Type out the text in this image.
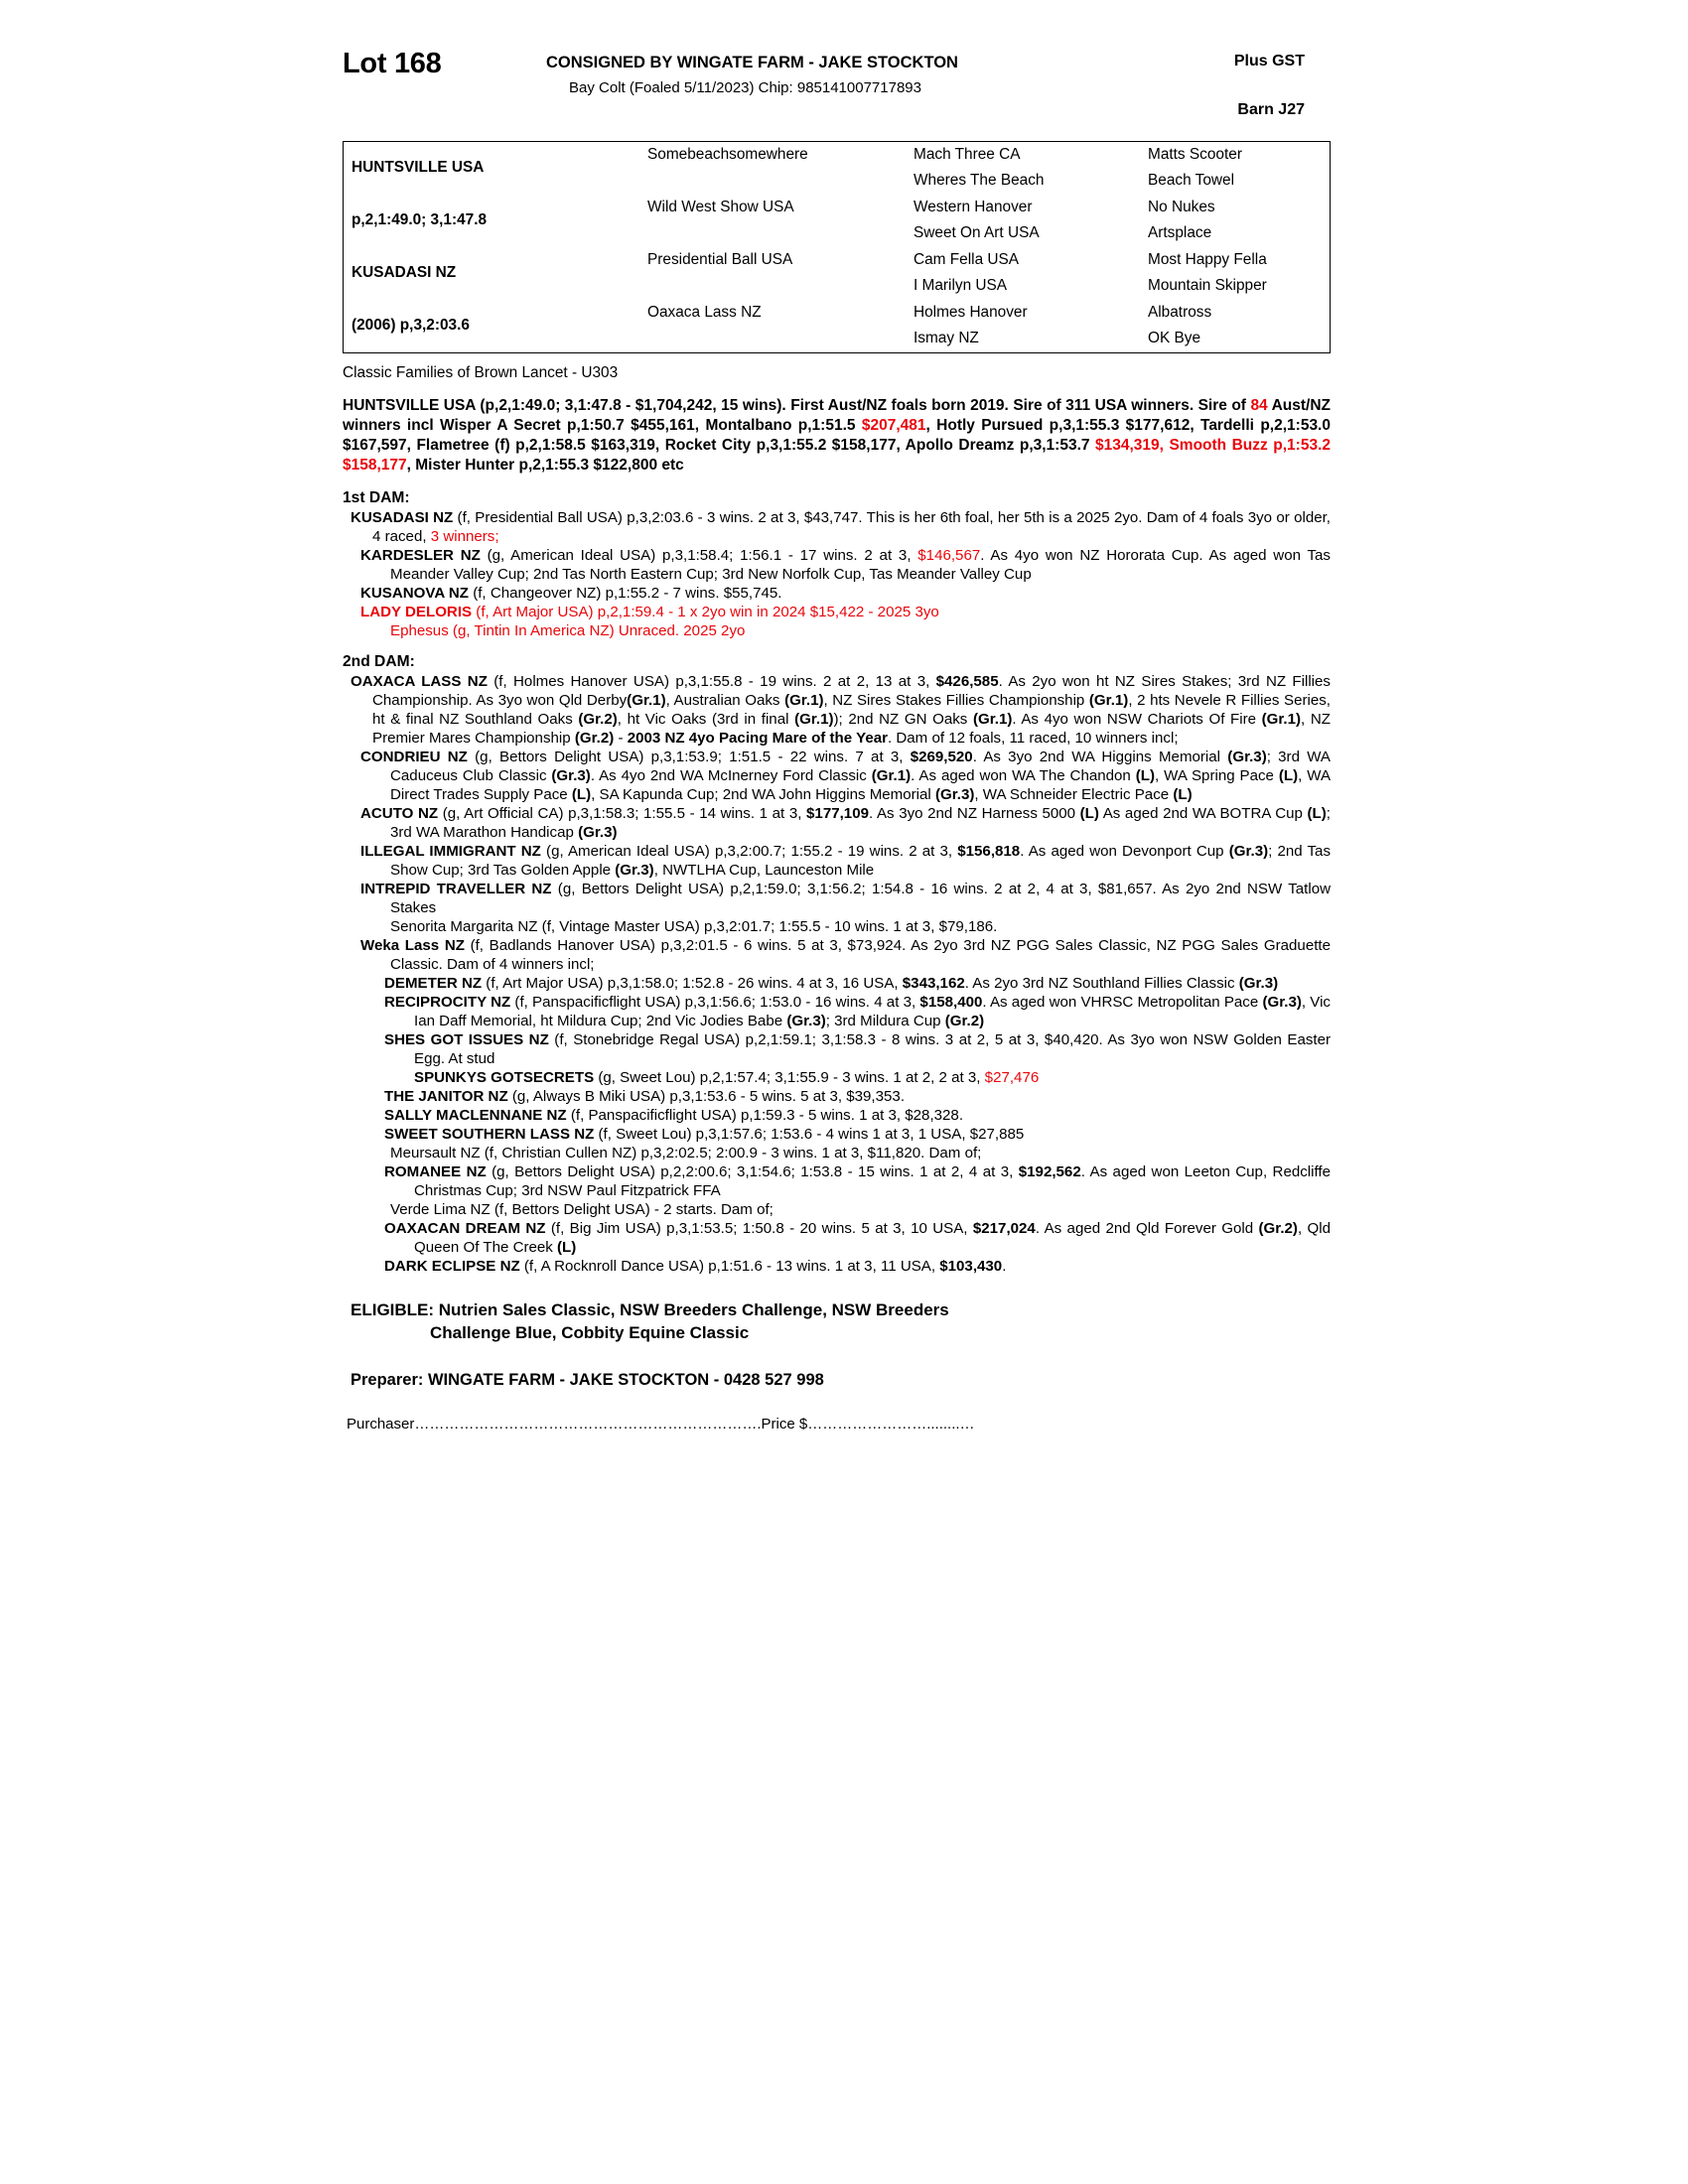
Lot 168	CONSIGNED BY WINGATE FARM - JAKE STOCKTON
Bay Colt (Foaled 5/11/2023) Chip: 985141007717893
Plus GST
Barn J27
HUNTSVILLE USA	Somebeachsomewhere	Mach Three CA	Matts Scooter
		Wheres The Beach	Beach Towel
p,2,1:49.0; 3,1:47.8	Wild West Show USA	Western Hanover	No Nukes
		Sweet On Art USA	Artsplace
KUSADASI NZ	Presidential Ball USA	Cam Fella USA	Most Happy Fella
		I Marilyn USA	Mountain Skipper
(2006) p,3,2:03.6	Oaxaca Lass NZ	Holmes Hanover	Albatross
		Ismay NZ	OK Bye
Classic Families of Brown Lancet - U303
HUNTSVILLE USA (p,2,1:49.0; 3,1:47.8 - $1,704,242, 15 wins). First Aust/NZ foals born 2019. Sire of 311 USA winners. Sire of 84 Aust/NZ winners incl Wisper A Secret p,1:50.7 $455,161, Montalbano p,1:51.5 $207,481, Hotly Pursued p,3,1:55.3 $177,612, Tardelli p,2,1:53.0 $167,597, Flametree (f) p,2,1:58.5 $163,319, Rocket City p,3,1:55.2 $158,177, Apollo Dreamz p,3,1:53.7 $134,319, Smooth Buzz p,1:53.2 $158,177, Mister Hunter p,2,1:55.3 $122,800 etc
1st DAM:

KUSADASI NZ (f, Presidential Ball USA) p,3,2:03.6 - 3 wins. 2 at 3, $43,747. This is her 6th foal, her 5th is a 2025 2yo. Dam of 4 foals 3yo or older, 4 raced, 3 winners;

KARDESLER NZ (g, American Ideal USA) p,3,1:58.4; 1:56.1 - 17 wins. 2 at 3, $146,567. As 4yo won NZ Hororata Cup. As aged won Tas Meander Valley Cup; 2nd Tas North Eastern Cup; 3rd New Norfolk Cup, Tas Meander Valley Cup

KUSANOVA NZ (f, Changeover NZ) p,1:55.2 - 7 wins. $55,745.

LADY DELORIS (f, Art Major USA) p,2,1:59.4 - 1 x 2yo win in 2024 $15,422 - 2025 3yo

Ephesus (g, Tintin In America NZ) Unraced. 2025 2yo

2nd DAM:

OAXACA LASS NZ (f, Holmes Hanover USA) p,3,1:55.8 - 19 wins. 2 at 2, 13 at 3, $426,585. As 2yo won ht NZ Sires Stakes; 3rd NZ Fillies Championship. As 3yo won Qld Derby(Gr.1), Australian Oaks (Gr.1), NZ Sires Stakes Fillies Championship (Gr.1), 2 hts Nevele R Fillies Series, ht & final NZ Southland Oaks (Gr.2), ht Vic Oaks (3rd in final (Gr.1)); 2nd NZ GN Oaks (Gr.1). As 4yo won NSW Chariots Of Fire (Gr.1), NZ Premier Mares Championship (Gr.2) - 2003 NZ 4yo Pacing Mare of the Year. Dam of 12 foals, 11 raced, 10 winners incl;

CONDRIEU NZ (g, Bettors Delight USA) p,3,1:53.9; 1:51.5 - 22 wins. 7 at 3, $269,520. As 3yo 2nd WA Higgins Memorial (Gr.3); 3rd WA Caduceus Club Classic (Gr.3). As 4yo 2nd WA McInerney Ford Classic (Gr.1). As aged won WA The Chandon (L), WA Spring Pace (L), WA Direct Trades Supply Pace (L), SA Kapunda Cup; 2nd WA John Higgins Memorial (Gr.3), WA Schneider Electric Pace (L)

ACUTO NZ (g, Art Official CA) p,3,1:58.3; 1:55.5 - 14 wins. 1 at 3, $177,109. As 3yo 2nd NZ Harness 5000 (L) As aged 2nd WA BOTRA Cup (L); 3rd WA Marathon Handicap (Gr.3)

ILLEGAL IMMIGRANT NZ (g, American Ideal USA) p,3,2:00.7; 1:55.2 - 19 wins. 2 at 3, $156,818. As aged won Devonport Cup (Gr.3); 2nd Tas Show Cup; 3rd Tas Golden Apple (Gr.3), NWTLHA Cup, Launceston Mile

INTREPID TRAVELLER NZ (g, Bettors Delight USA) p,2,1:59.0; 3,1:56.2; 1:54.8 - 16 wins. 2 at 2, 4 at 3, $81,657. As 2yo 2nd NSW Tatlow Stakes

Senorita Margarita NZ (f, Vintage Master USA) p,3,2:01.7; 1:55.5 - 10 wins. 1 at 3, $79,186.

Weka Lass NZ (f, Badlands Hanover USA) p,3,2:01.5 - 6 wins. 5 at 3, $73,924. As 2yo 3rd NZ PGG Sales Classic, NZ PGG Sales Graduette Classic. Dam of 4 winners incl;

DEMETER NZ (f, Art Major USA) p,3,1:58.0; 1:52.8 - 26 wins. 4 at 3, 16 USA, $343,162. As 2yo 3rd NZ Southland Fillies Classic (Gr.3)

RECIPROCITY NZ (f, Panspacificflight USA) p,3,1:56.6; 1:53.0 - 16 wins. 4 at 3, $158,400. As aged won VHRSC Metropolitan Pace (Gr.3), Vic Ian Daff Memorial, ht Mildura Cup; 2nd Vic Jodies Babe (Gr.3); 3rd Mildura Cup (Gr.2)

SHES GOT ISSUES NZ (f, Stonebridge Regal USA) p,2,1:59.1; 3,1:58.3 - 8 wins. 3 at 2, 5 at 3, $40,420. As 3yo won NSW Golden Easter Egg. At stud

SPUNKYS GOTSECRETS (g, Sweet Lou) p,2,1:57.4; 3,1:55.9 - 3 wins. 1 at 2, 2 at 3, $27,476

THE JANITOR NZ (g, Always B Miki USA) p,3,1:53.6 - 5 wins. 5 at 3, $39,353.

SALLY MACLENNANE NZ (f, Panspacificflight USA) p,1:59.3 - 5 wins. 1 at 3, $28,328.

SWEET SOUTHERN LASS NZ (f, Sweet Lou) p,3,1:57.6; 1:53.6 - 4 wins 1 at 3, 1 USA, $27,885

Meursault NZ (f, Christian Cullen NZ) p,3,2:02.5; 2:00.9 - 3 wins. 1 at 3, $11,820. Dam of;

ROMANEE NZ (g, Bettors Delight USA) p,2,2:00.6; 3,1:54.6; 1:53.8 - 15 wins. 1 at 2, 4 at 3, $192,562. As aged won Leeton Cup, Redcliffe Christmas Cup; 3rd NSW Paul Fitzpatrick FFA

Verde Lima NZ (f, Bettors Delight USA) - 2 starts. Dam of;

OAXACAN DREAM NZ (f, Big Jim USA) p,3,1:53.5; 1:50.8 - 20 wins. 5 at 3, 10 USA, $217,024. As aged 2nd Qld Forever Gold (Gr.2), Qld Queen Of The Creek (L)

DARK ECLIPSE NZ (f, A Rocknroll Dance USA) p,1:51.6 - 13 wins. 1 at 3, 11 USA, $103,430.

ELIGIBLE: Nutrien Sales Classic, NSW Breeders Challenge, NSW Breeders
Challenge Blue, Cobbity Equine Classic
Preparer: WINGATE FARM - JAKE STOCKTON - 0428 527 998
Purchaser…………………………………………………………….Price $……………………........…
